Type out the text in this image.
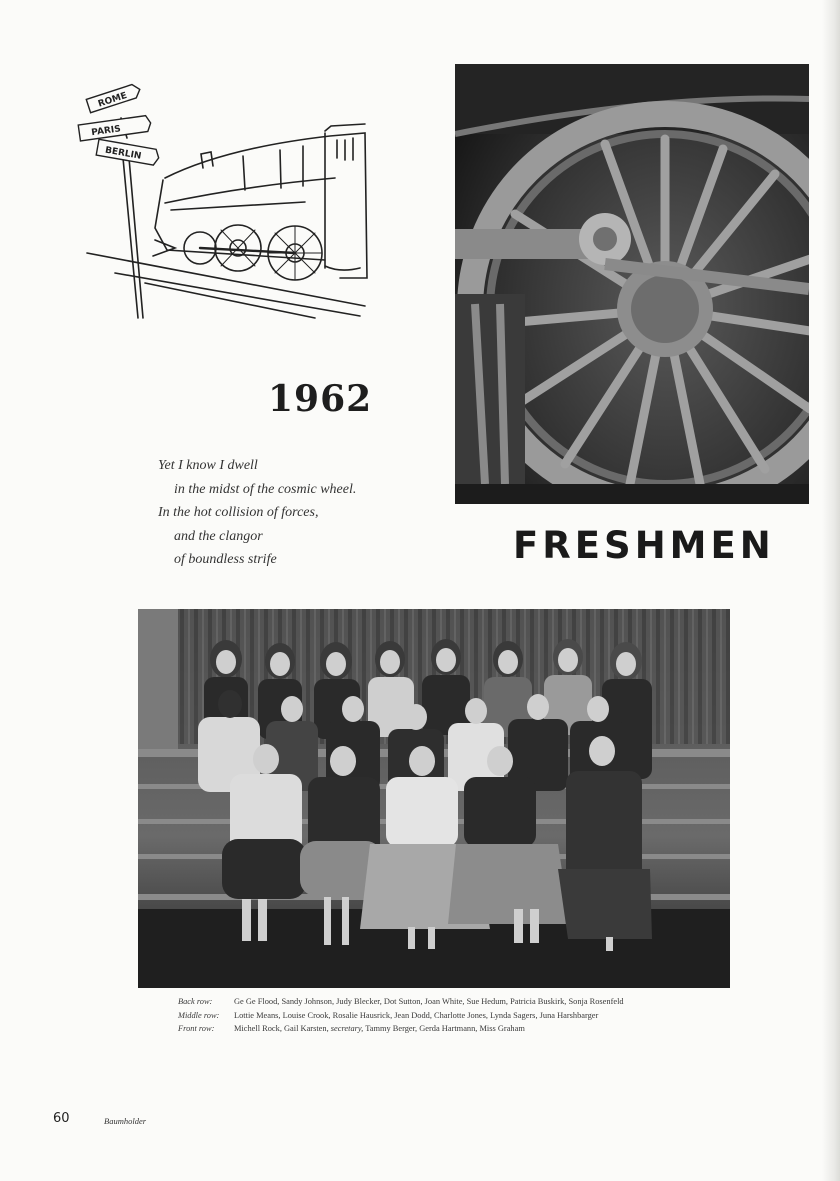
ROME
PARIS
BERLIN
1962
Yet I know I dwell
in the midst of the cosmic wheel.
In the hot collision of forces,
and the clangor
of boundless strife	FRESHMEN
Back row:	Ge Ge Flood, Sandy Johnson, Judy Blecker, Dot Sutton, Joan White, Sue Hedum, Patricia Buskirk, Sonja Rosenfeld
Middle row:	Lottie Means, Louise Crook, Rosalie Hausrick, Jean Dodd, Charlotte Jones, Lynda Sagers, Juna Harshbarger
Front row:	Michell Rock, Gail Karsten, secretary, Tammy Berger, Gerda Hartmann, Miss Graham
60	Baumholder
